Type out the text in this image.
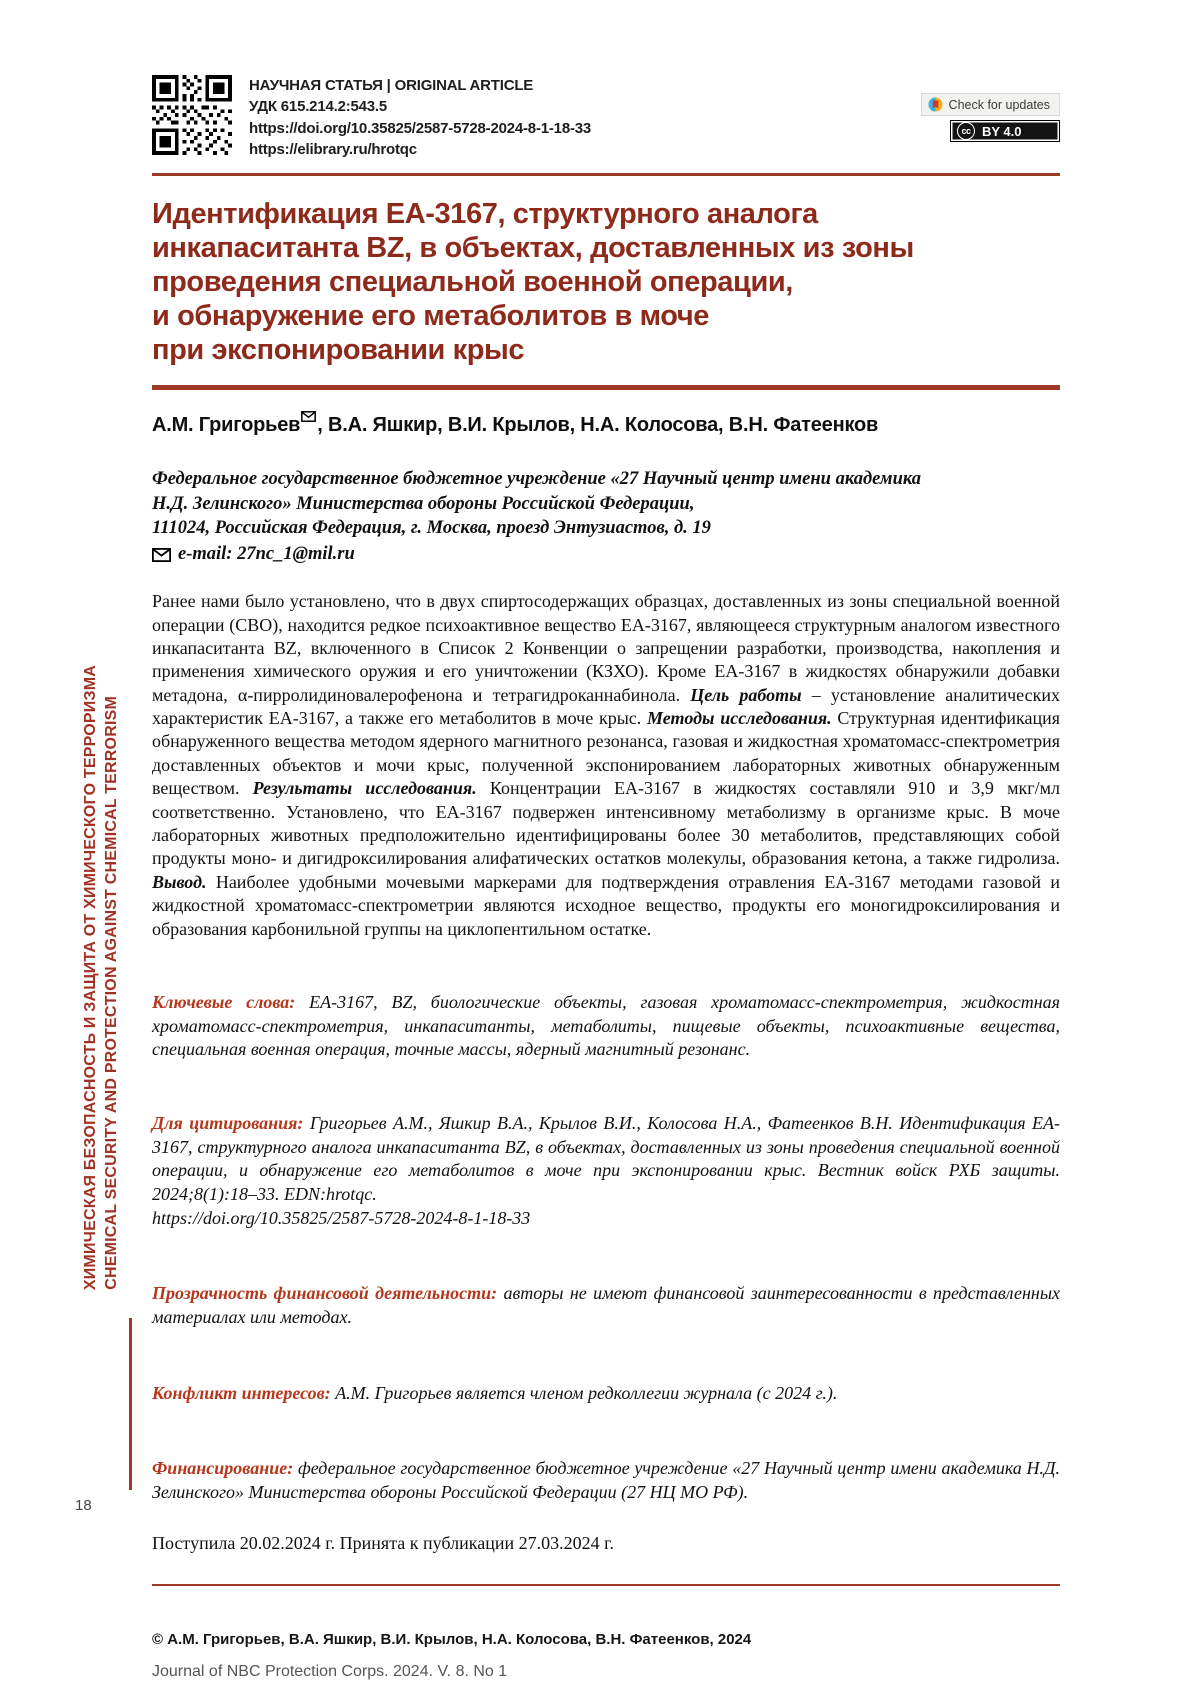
ХИМИЧЕСКАЯ БЕЗОПАСНОСТЬ И ЗАЩИТА ОТ ХИМИЧЕСКОГО ТЕРРОРИЗМА CHEMICAL SECURITY AND PROTECTION AGAINST CHEMICAL TERRORISM
18
НАУЧНАЯ СТАТЬЯ | ORIGINAL ARTICLE
УДК 615.214.2:543.5
https://doi.org/10.35825/2587-5728-2024-8-1-18-33
https://elibrary.ru/hrotqc
Check for updates
cc BY 4.0
Идентификация EA-3167, структурного аналога
инкапаситанта BZ, в объектах, доставленных из зоны
проведения специальной военной операции,
и обнаружение его метаболитов в моче
при экспонировании крыс
А.М. Григорьев , В.А. Яшкир, В.И. Крылов, Н.А. Колосова, В.Н. Фатеенков
Федеральное государственное бюджетное учреждение «27 Научный центр имени академика
Н.Д. Зелинского» Министерства обороны Российской Федерации,
111024, Российская Федерация, г. Москва, проезд Энтузиастов, д. 19
e-mail: 27nc_1@mil.ru

Ранее нами было установлено, что в двух спиртосодержащих образцах, доставленных из зоны специальной военной операции (СВО), находится редкое психоактивное вещество EA-3167, являющееся структурным аналогом известного инкапаситанта BZ, включенного в Список 2 Конвенции о запрещении разработки, производства, накопления и применения химического оружия и его уничтожении (КЗХО). Кроме EA-3167 в жидкостях обнаружили добавки метадона, α-пирролидиновалерофенона и тетрагидроканнабинола. Цель работы – установление аналитических характеристик EA-3167, а также его метаболитов в моче крыс. Методы исследования. Структурная идентификация обнаруженного вещества методом ядерного магнитного резонанса, газовая и жидкостная хроматомасс-спектрометрия доставленных объектов и мочи крыс, полученной экспонированием лабораторных животных обнаруженным веществом. Результаты исследования. Концентрации EA-3167 в жидкостях составляли 910 и 3,9 мкг/мл соответственно. Установлено, что EA-3167 подвержен интенсивному метаболизму в организме крыс. В моче лабораторных животных предположительно идентифицированы более 30 метаболитов, представляющих собой продукты моно- и дигидроксилирования алифатических остатков молекулы, образования кетона, а также гидролиза. Вывод. Наиболее удобными мочевыми маркерами для подтверждения отравления EA-3167 методами газовой и жидкостной хроматомасс-спектрометрии являются исходное вещество, продукты его моногидроксилирования и образования карбонильной группы на циклопентильном остатке.

Ключевые слова: EA-3167, BZ, биологические объекты, газовая хроматомасс-спектрометрия, жидкостная хроматомасс-спектрометрия, инкапаситанты, метаболиты, пищевые объекты, психоактивные вещества, специальная военная операция, точные массы, ядерный магнитный резонанс.

Для цитирования: Григорьев А.М., Яшкир В.А., Крылов В.И., Колосова Н.А., Фатеенков В.Н. Идентификация EA-3167, структурного аналога инкапаситанта BZ, в объектах, доставленных из зоны проведения специальной военной операции, и обнаружение его метаболитов в моче при экспонировании крыс. Вестник войск РХБ защиты. 2024;8(1):18–33. EDN:hrotqc.
https://doi.org/10.35825/2587-5728-2024-8-1-18-33

Прозрачность финансовой деятельности: авторы не имеют финансовой заинтересованности в представленных материалах или методах.

Конфликт интересов: А.М. Григорьев является членом редколлегии журнала (с 2024 г.).

Финансирование: федеральное государственное бюджетное учреждение «27 Научный центр имени академика Н.Д. Зелинского» Министерства обороны Российской Федерации (27 НЦ МО РФ).

Поступила 20.02.2024 г. Принята к публикации 27.03.2024 г.

© А.М. Григорьев, В.А. Яшкир, В.И. Крылов, Н.А. Колосова, В.Н. Фатеенков, 2024
Journal of NBC Protection Corps. 2024. V. 8. No 1
